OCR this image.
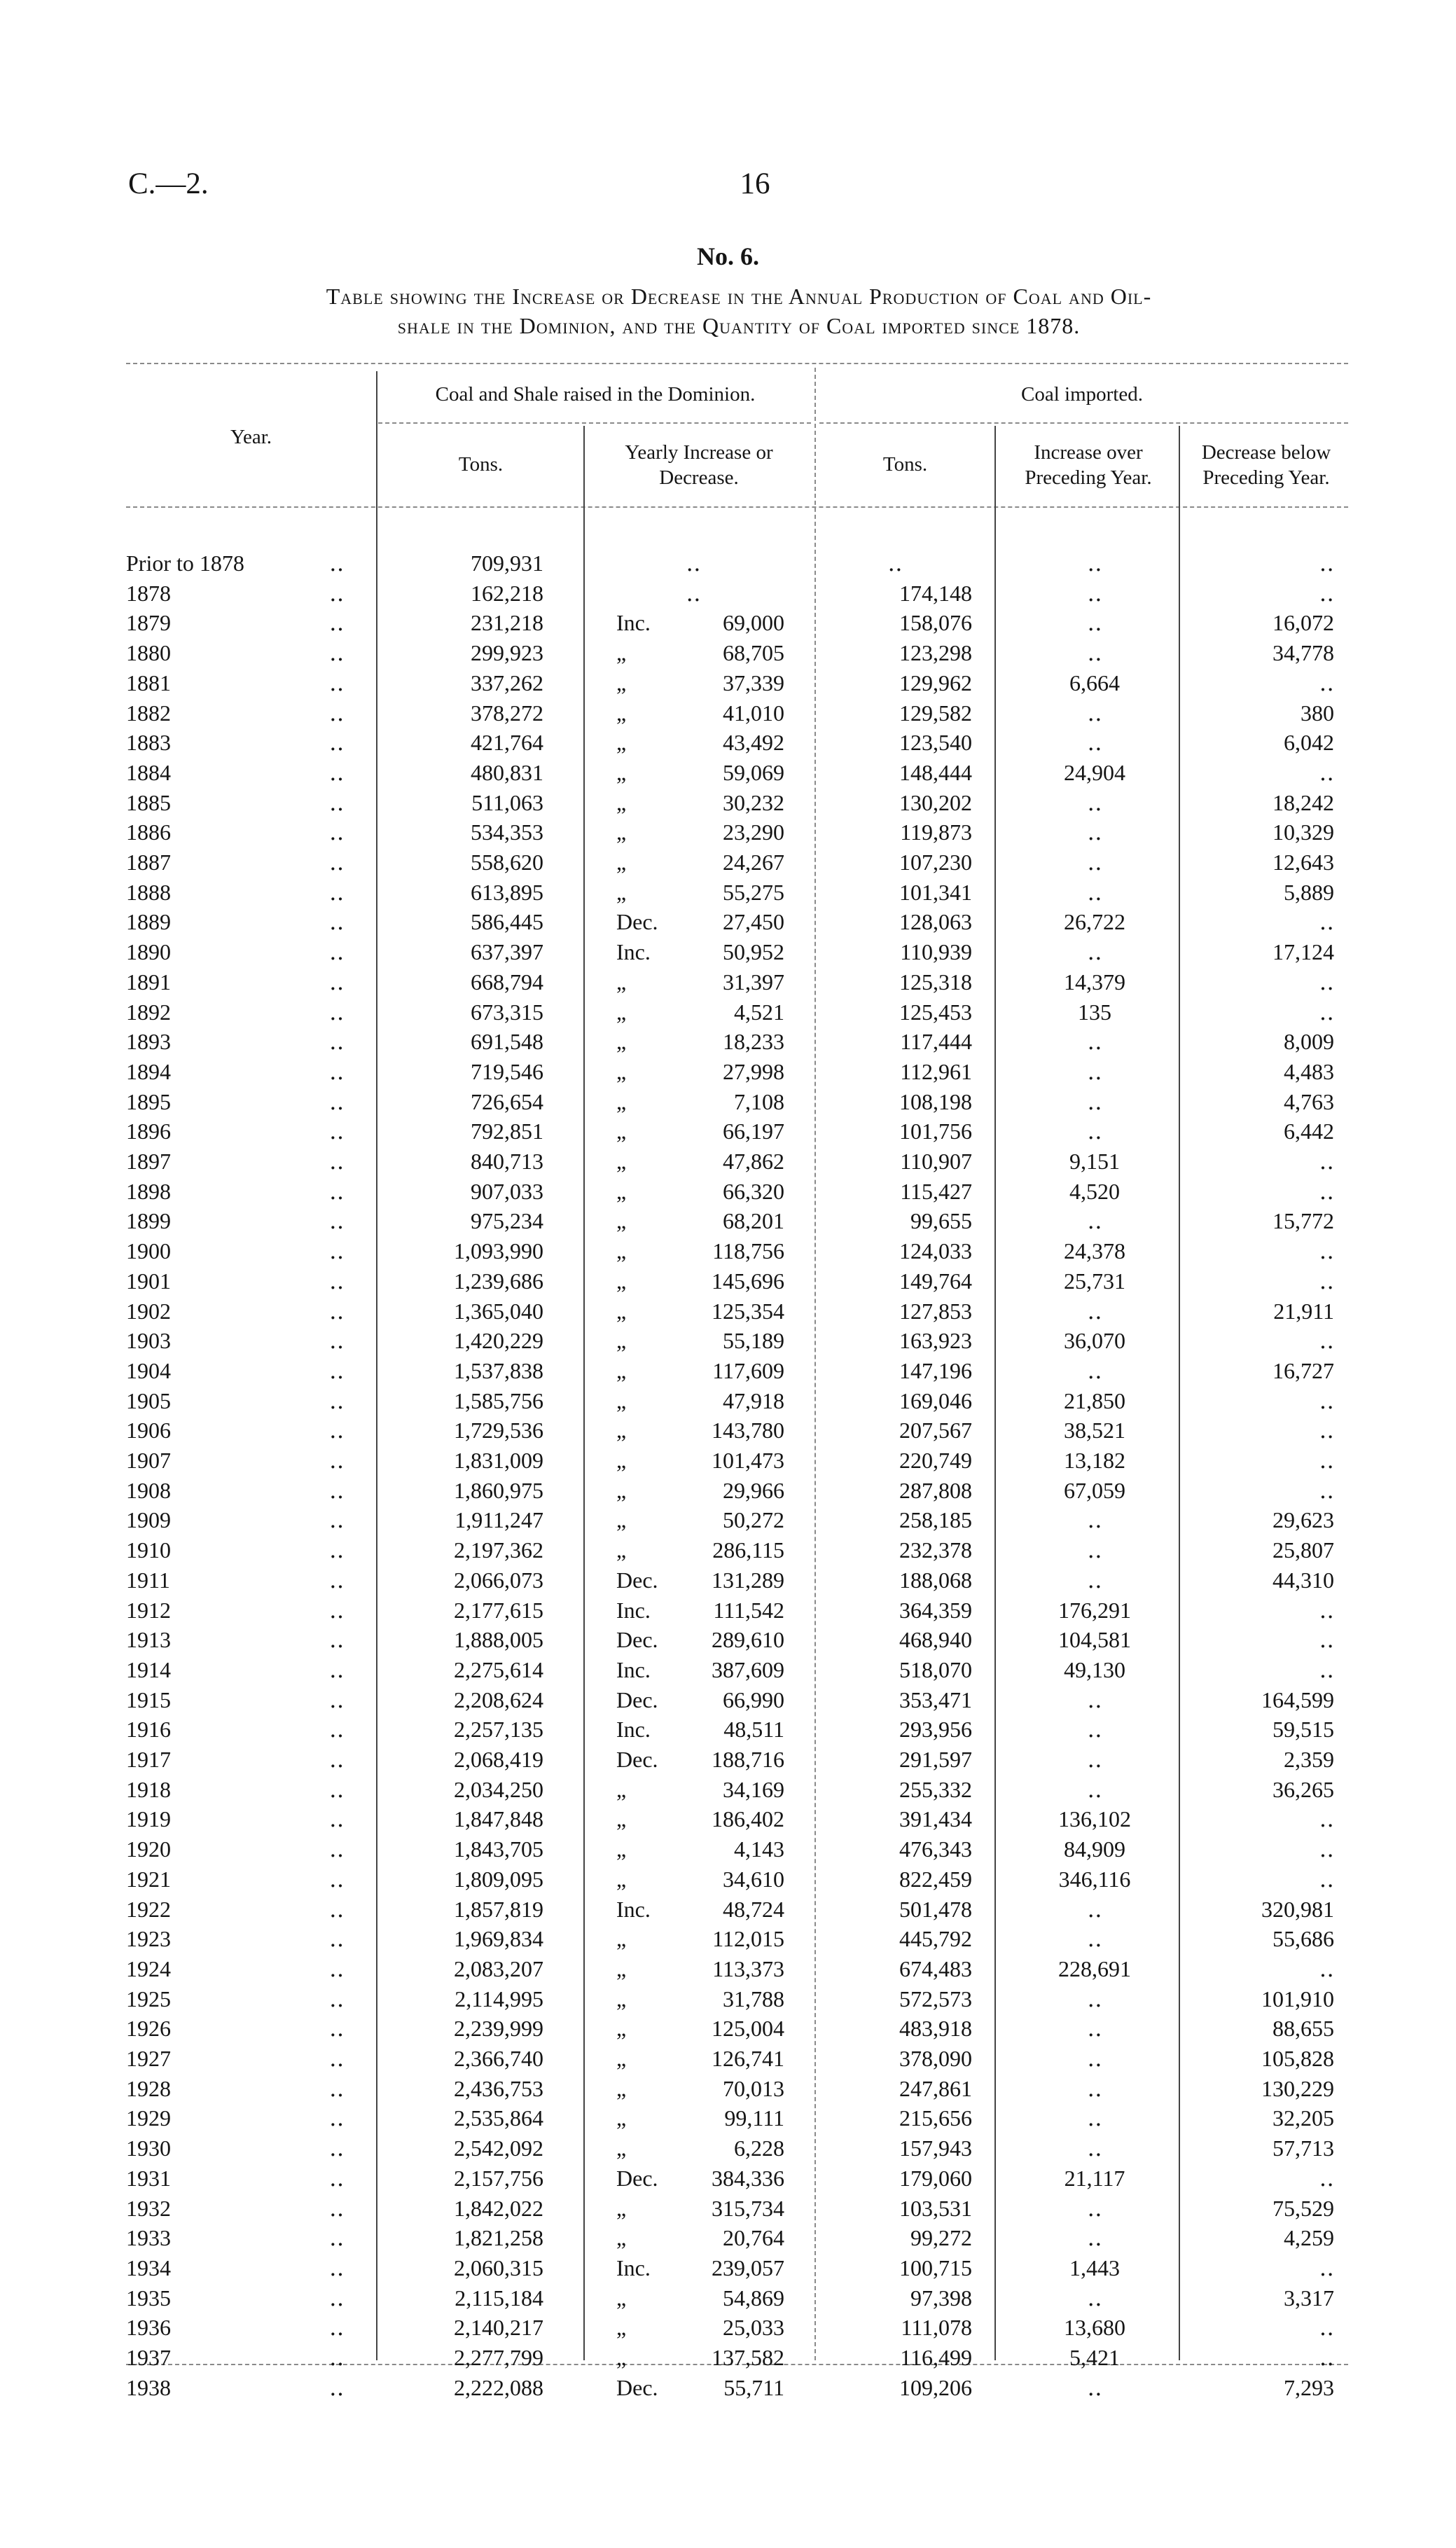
C.—2.	16
No. 6.
Table showing the Increase or Decrease in the Annual Production of Coal and Oil-
shale in the Dominion, and the Quantity of Coal imported since 1878.
Year.
Coal and Shale raised in the Dominion.
Tons.
Yearly Increase or Decrease.
Coal imported.
Tons.
Increase over Preceding Year.
Decrease below Preceding Year.
Prior to 1878	‥	709,931	‥	‥	‥	‥
1878	‥	162,218	‥	174,148	‥	‥
1879	‥	231,218	Inc.	69,000	158,076	‥	16,072
1880	‥	299,923	„	68,705	123,298	‥	34,778
1881	‥	337,262	„	37,339	129,962	6,664	‥
1882	‥	378,272	„	41,010	129,582	‥	380
1883	‥	421,764	„	43,492	123,540	‥	6,042
1884	‥	480,831	„	59,069	148,444	24,904	‥
1885	‥	511,063	„	30,232	130,202	‥	18,242
1886	‥	534,353	„	23,290	119,873	‥	10,329
1887	‥	558,620	„	24,267	107,230	‥	12,643
1888	‥	613,895	„	55,275	101,341	‥	5,889
1889	‥	586,445	Dec.	27,450	128,063	26,722	‥
1890	‥	637,397	Inc.	50,952	110,939	‥	17,124
1891	‥	668,794	„	31,397	125,318	14,379	‥
1892	‥	673,315	„	4,521	125,453	135	‥
1893	‥	691,548	„	18,233	117,444	‥	8,009
1894	‥	719,546	„	27,998	112,961	‥	4,483
1895	‥	726,654	„	7,108	108,198	‥	4,763
1896	‥	792,851	„	66,197	101,756	‥	6,442
1897	‥	840,713	„	47,862	110,907	9,151	‥
1898	‥	907,033	„	66,320	115,427	4,520	‥
1899	‥	975,234	„	68,201	99,655	‥	15,772
1900	‥	1,093,990	„	118,756	124,033	24,378	‥
1901	‥	1,239,686	„	145,696	149,764	25,731	‥
1902	‥	1,365,040	„	125,354	127,853	‥	21,911
1903	‥	1,420,229	„	55,189	163,923	36,070	‥
1904	‥	1,537,838	„	117,609	147,196	‥	16,727
1905	‥	1,585,756	„	47,918	169,046	21,850	‥
1906	‥	1,729,536	„	143,780	207,567	38,521	‥
1907	‥	1,831,009	„	101,473	220,749	13,182	‥
1908	‥	1,860,975	„	29,966	287,808	67,059	‥
1909	‥	1,911,247	„	50,272	258,185	‥	29,623
1910	‥	2,197,362	„	286,115	232,378	‥	25,807
1911	‥	2,066,073	Dec.	131,289	188,068	‥	44,310
1912	‥	2,177,615	Inc.	111,542	364,359	176,291	‥
1913	‥	1,888,005	Dec.	289,610	468,940	104,581	‥
1914	‥	2,275,614	Inc.	387,609	518,070	49,130	‥
1915	‥	2,208,624	Dec.	66,990	353,471	‥	164,599
1916	‥	2,257,135	Inc.	48,511	293,956	‥	59,515
1917	‥	2,068,419	Dec.	188,716	291,597	‥	2,359
1918	‥	2,034,250	„	34,169	255,332	‥	36,265
1919	‥	1,847,848	„	186,402	391,434	136,102	‥
1920	‥	1,843,705	„	4,143	476,343	84,909	‥
1921	‥	1,809,095	„	34,610	822,459	346,116	‥
1922	‥	1,857,819	Inc.	48,724	501,478	‥	320,981
1923	‥	1,969,834	„	112,015	445,792	‥	55,686
1924	‥	2,083,207	„	113,373	674,483	228,691	‥
1925	‥	2,114,995	„	31,788	572,573	‥	101,910
1926	‥	2,239,999	„	125,004	483,918	‥	88,655
1927	‥	2,366,740	„	126,741	378,090	‥	105,828
1928	‥	2,436,753	„	70,013	247,861	‥	130,229
1929	‥	2,535,864	„	99,111	215,656	‥	32,205
1930	‥	2,542,092	„	6,228	157,943	‥	57,713
1931	‥	2,157,756	Dec.	384,336	179,060	21,117	‥
1932	‥	1,842,022	„	315,734	103,531	‥	75,529
1933	‥	1,821,258	„	20,764	99,272	‥	4,259
1934	‥	2,060,315	Inc.	239,057	100,715	1,443	‥
1935	‥	2,115,184	„	54,869	97,398	‥	3,317
1936	‥	2,140,217	„	25,033	111,078	13,680	‥
1937	‥	2,277,799	„	137,582	116,499	5,421	‥
1938	‥	2,222,088	Dec.	55,711	109,206	‥	7,293
